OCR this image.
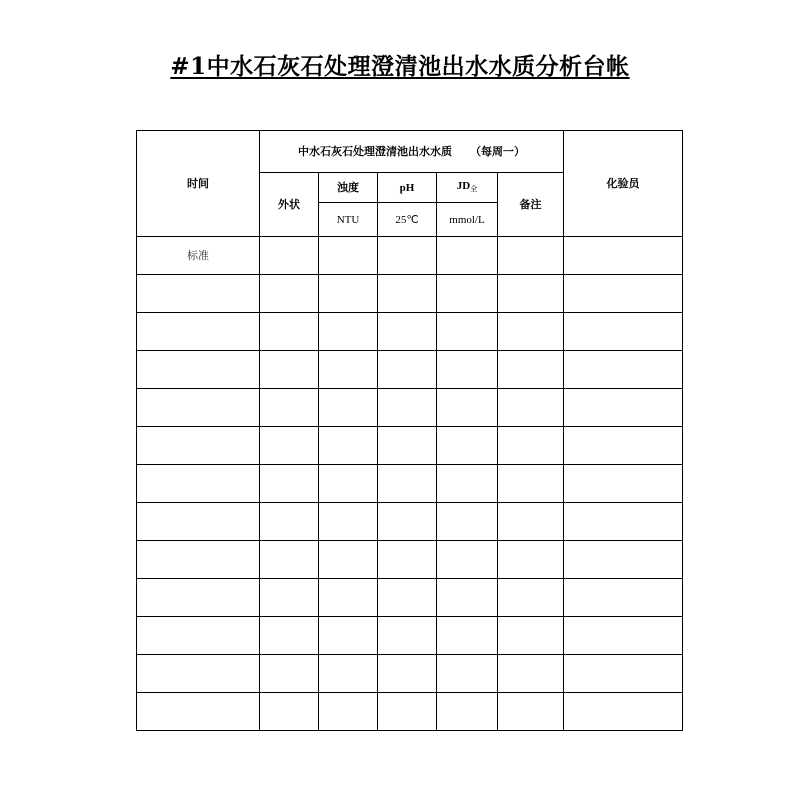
#1中水石灰石处理澄清池出水水质分析台帐
时间	中水石灰石处理澄清池出水水质 （每周一）					化验员
	外状	浊度	pH	$JD_全$	备注	
		NTU	25℃	mmol/L		
标准						
